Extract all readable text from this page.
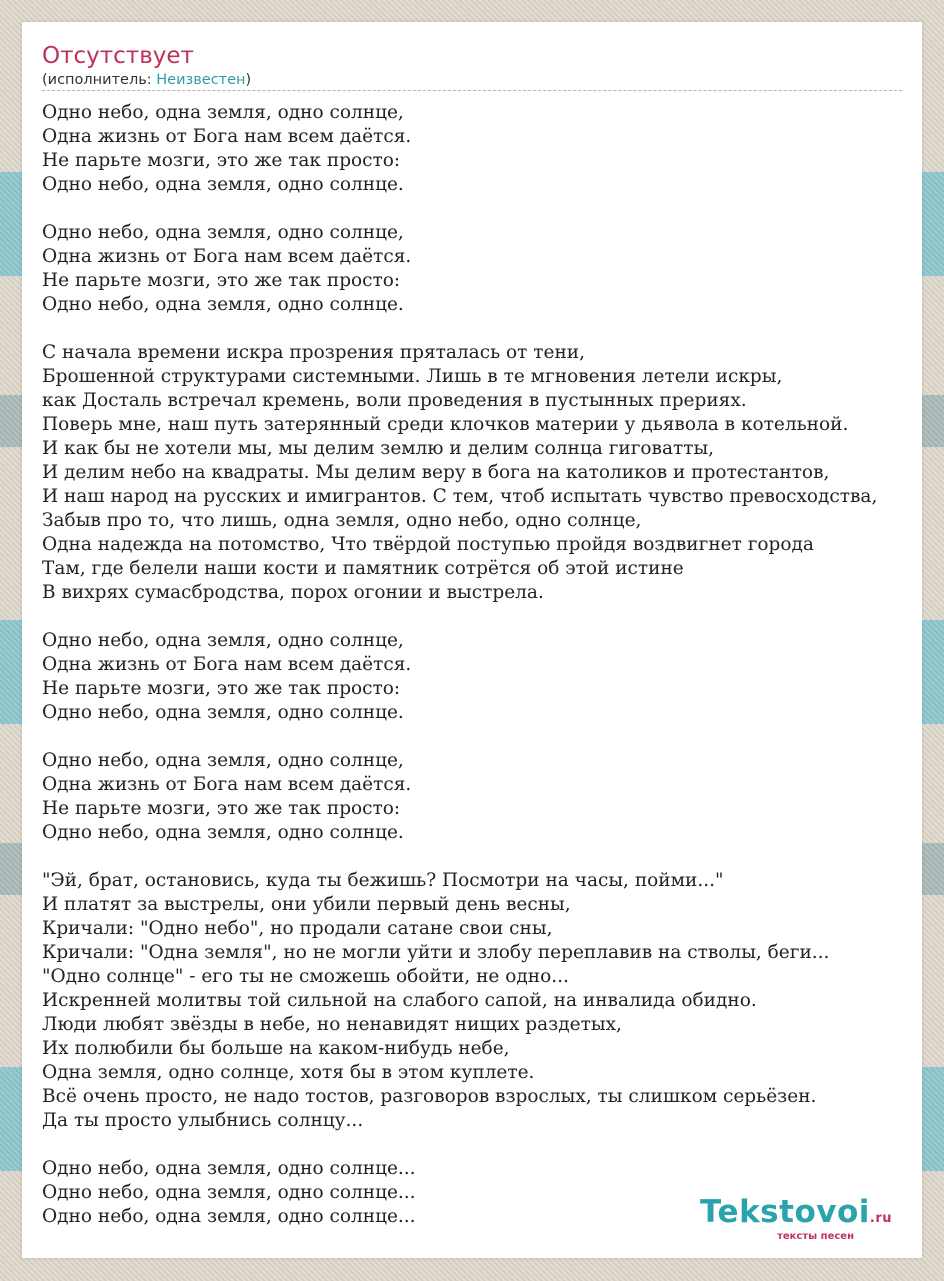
Отсутствует
(исполнитель: Неизвестен)
Одно небо, одна земля, одно солнце,
Одна жизнь от Бога нам всем даётся.
Не парьте мозги, это же так просто:
Одно небо, одна земля, одно солнце.
Одно небо, одна земля, одно солнце,
Одна жизнь от Бога нам всем даётся.
Не парьте мозги, это же так просто:
Одно небо, одна земля, одно солнце.
С начала времени искра прозрения пряталась от тени,
Брошенной структурами системными. Лишь в те мгновения летели искры,
как Досталь встречал кремень, воли проведения в пустынных прериях.
Поверь мне, наш путь затерянный среди клочков материи у дьявола в котельной.
И как бы не хотели мы, мы делим землю и делим солнца гиговатты,
И делим небо на квадраты. Мы делим веру в бога на католиков и протестантов,
И наш народ на русских и имигрантов. С тем, чтоб испытать чувство превосходства,
Забыв про то, что лишь, одна земля, одно небо, одно солнце,
Одна надежда на потомство, Что твёрдой поступью пройдя воздвигнет города
Там, где белели наши кости и памятник сотрётся об этой истине
В вихрях сумасбродства, порох огонии и выстрела.
Одно небо, одна земля, одно солнце,
Одна жизнь от Бога нам всем даётся.
Не парьте мозги, это же так просто:
Одно небо, одна земля, одно солнце.
Одно небо, одна земля, одно солнце,
Одна жизнь от Бога нам всем даётся.
Не парьте мозги, это же так просто:
Одно небо, одна земля, одно солнце.
"Эй, брат, остановись, куда ты бежишь? Посмотри на часы, пойми..."
И платят за выстрелы, они убили первый день весны,
Кричали: "Одно небо", но продали сатане свои сны,
Кричали: "Одна земля", но не могли уйти и злобу переплавив на стволы, беги...
"Одно солнце" - его ты не сможешь обойти, не одно...
Искренней молитвы той сильной на слабого сапой, на инвалида обидно.
Люди любят звёзды в небе, но ненавидят нищих раздетых,
Их полюбили бы больше на каком-нибудь небе,
Одна земля, одно солнце, хотя бы в этом куплете.
Всё очень просто, не надо тостов, разговоров взрослых, ты слишком серьёзен.
Да ты просто улыбнись солнцу...
Одно небо, одна земля, одно солнце...
Одно небо, одна земля, одно солнце...
Одно небо, одна земля, одно солнце...	Tekstovoi.ru
тексты песен
